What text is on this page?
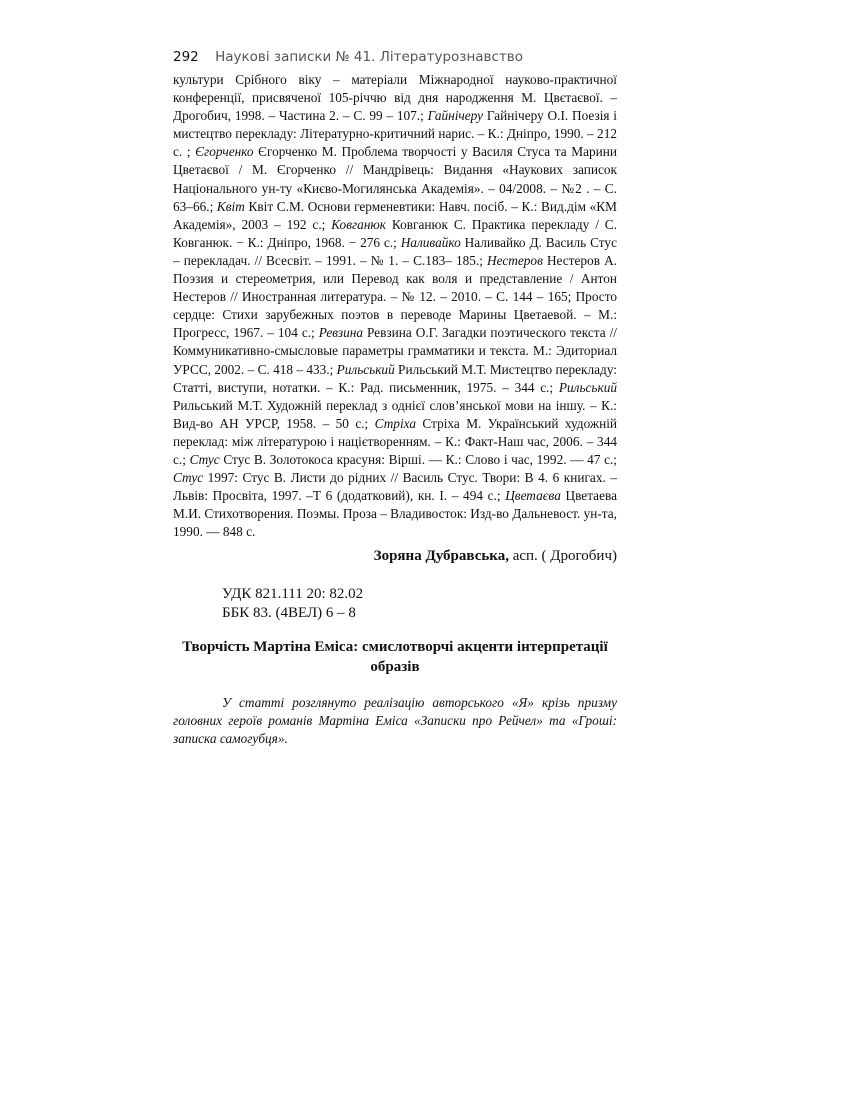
292 Наукові записки № 41. Літературознавство
культури Срібного віку – матеріали Міжнародної науково-практичної конференції, присвяченої 105-річчю від дня народження М. Цвєтаєвої. – Дрогобич, 1998. – Частина 2. – С. 99 – 107.; Гайнічеру Гайнічеру О.І. Поезія і мистецтво перекладу: Літературно-критичний нарис. – К.: Дніпро, 1990. – 212 с. ; Єгорченко Єгорченко М. Проблема творчості у Василя Стуса та Марини Цветаєвої / М. Єгорченко // Мандрівець: Видання «Наукових записок Національного ун-ту «Києво-Могилянська Академія». – 04/2008. – №2 . – С. 63–66.; Квіт Квіт С.М. Основи герменевтики: Навч. посіб. – К.: Вид.дім «КМ Академія», 2003 – 192 с.; Ковганюк Ковганюк С. Практика перекладу / С. Ковганюк. − К.: Дніпро, 1968. − 276 с.; Наливайко Наливайко Д. Василь Стус – перекладач. // Всесвіт. – 1991. – № 1. – С.183– 185.; Нестеров Нестеров А. Поэзия и стереометрия, или Перевод как воля и представление / Антон Нестеров // Иностранная литература. – № 12. – 2010. – С. 144 – 165; Просто сердце: Стихи зарубежных поэтов в переводе Марины Цветаевой. – М.: Прогресс, 1967. – 104 с.; Ревзина Ревзина О.Г. Загадки поэтического текста // Коммуникативно-смысловые параметры грамматики и текста. М.: Эдиториал УРСС, 2002. – С. 418 – 433.; Рильський Рильський М.Т. Мистецтво перекладу: Статті, виступи, нотатки. – К.: Рад. письменник, 1975. – 344 с.; Рильський Рильський М.Т. Художній переклад з однієї слов’янської мови на іншу. – К.: Вид-во АН УРСР, 1958. – 50 с.; Стріха Стріха М. Український художній переклад: між літературою і націєтворенням. – К.: Факт-Наш час, 2006. – 344 с.; Стус Стус В. Золотокоса красуня: Вірші. — К.: Слово і час, 1992. — 47 с.; Стус 1997: Стус В. Листи до рідних // Василь Стус. Твори: В 4. 6 книгах. – Львів: Просвіта, 1997. –Т 6 (додатковий), кн. І. – 494 с.; Цветаєва Цветаева М.И. Стихотворения. Поэмы. Проза – Владивосток: Изд-во Дальневост. ун-та, 1990. — 848 с.
Зоряна Дубравська, асп. ( Дрогобич)
УДК 821.111 20: 82.02
ББК 83. (4ВЕЛ) 6 – 8
Творчість Мартіна Еміса: смислотворчі акценти інтерпретації
образів
У статті розглянуто реалізацію авторського «Я» крізь призму головних героїв романів Мартіна Еміса «Записки про Рейчел» та «Гроші: записка самогубця».
